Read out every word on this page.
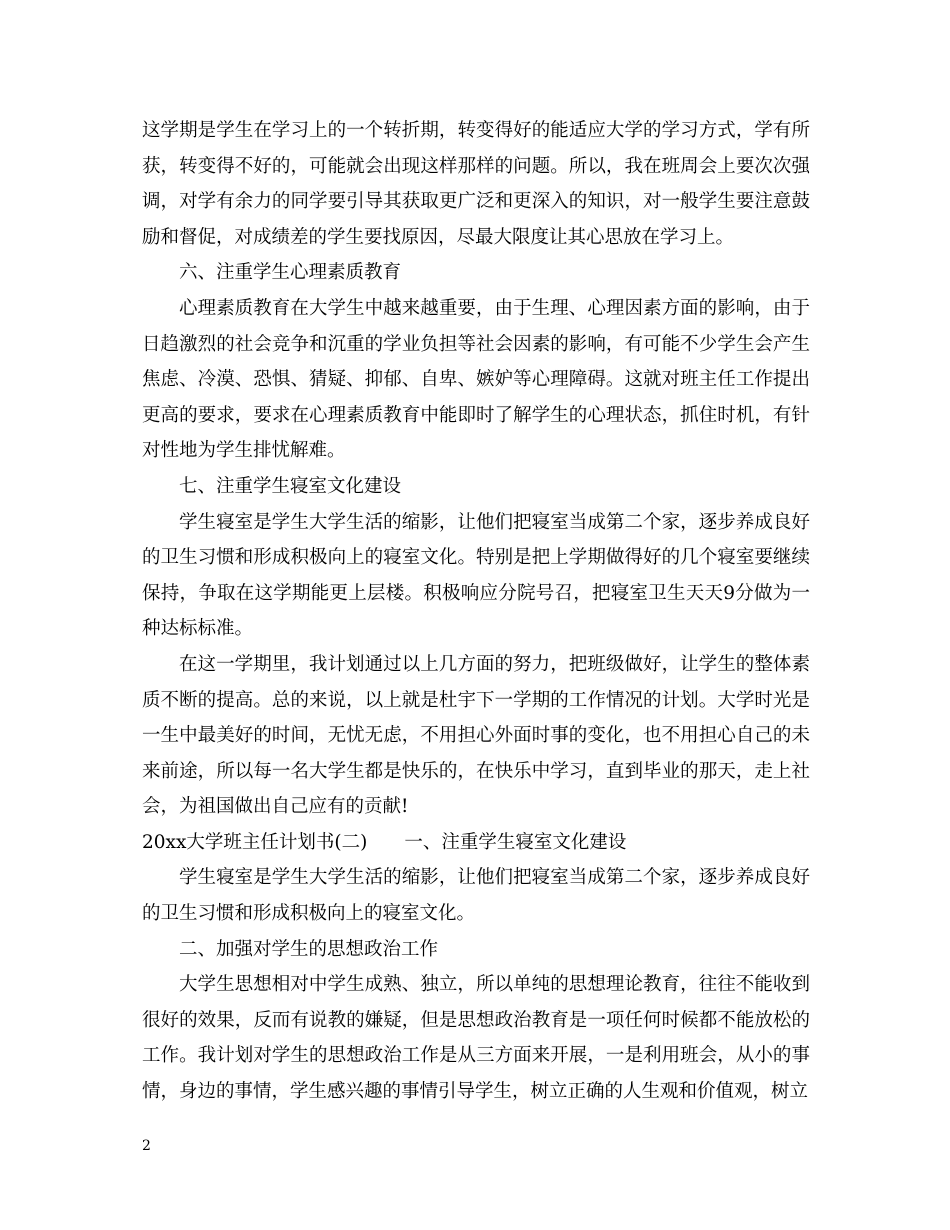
这学期是学生在学习上的一个转折期，转变得好的能适应大学的学习方式，学有所获，转变得不好的，可能就会出现这样那样的问题。所以，我在班周会上要次次强调，对学有余力的同学要引导其获取更广泛和更深入的知识，对一般学生要注意鼓励和督促，对成绩差的学生要找原因，尽最大限度让其心思放在学习上。

六、注重学生心理素质教育

心理素质教育在大学生中越来越重要，由于生理、心理因素方面的影响，由于日趋激烈的社会竞争和沉重的学业负担等社会因素的影响，有可能不少学生会产生焦虑、冷漠、恐惧、猜疑、抑郁、自卑、嫉妒等心理障碍。这就对班主任工作提出更高的要求，要求在心理素质教育中能即时了解学生的心理状态，抓住时机，有针对性地为学生排忧解难。

七、注重学生寝室文化建设

学生寝室是学生大学生活的缩影，让他们把寝室当成第二个家，逐步养成良好的卫生习惯和形成积极向上的寝室文化。特别是把上学期做得好的几个寝室要继续保持，争取在这学期能更上层楼。积极响应分院号召，把寝室卫生天天9分做为一种达标标准。

在这一学期里，我计划通过以上几方面的努力，把班级做好，让学生的整体素质不断的提高。总的来说，以上就是杜宇下一学期的工作情况的计划。大学时光是一生中最美好的时间，无忧无虑，不用担心外面时事的变化，也不用担心自己的未来前途，所以每一名大学生都是快乐的，在快乐中学习，直到毕业的那天，走上社会，为祖国做出自己应有的贡献!

20xx大学班主任计划书(二)　　一、注重学生寝室文化建设

学生寝室是学生大学生活的缩影，让他们把寝室当成第二个家，逐步养成良好的卫生习惯和形成积极向上的寝室文化。

二、加强对学生的思想政治工作

大学生思想相对中学生成熟、独立，所以单纯的思想理论教育，往往不能收到很好的效果，反而有说教的嫌疑，但是思想政治教育是一项任何时候都不能放松的工作。我计划对学生的思想政治工作是从三方面来开展，一是利用班会，从小的事情，身边的事情，学生感兴趣的事情引导学生，树立正确的人生观和价值观，树立

2
